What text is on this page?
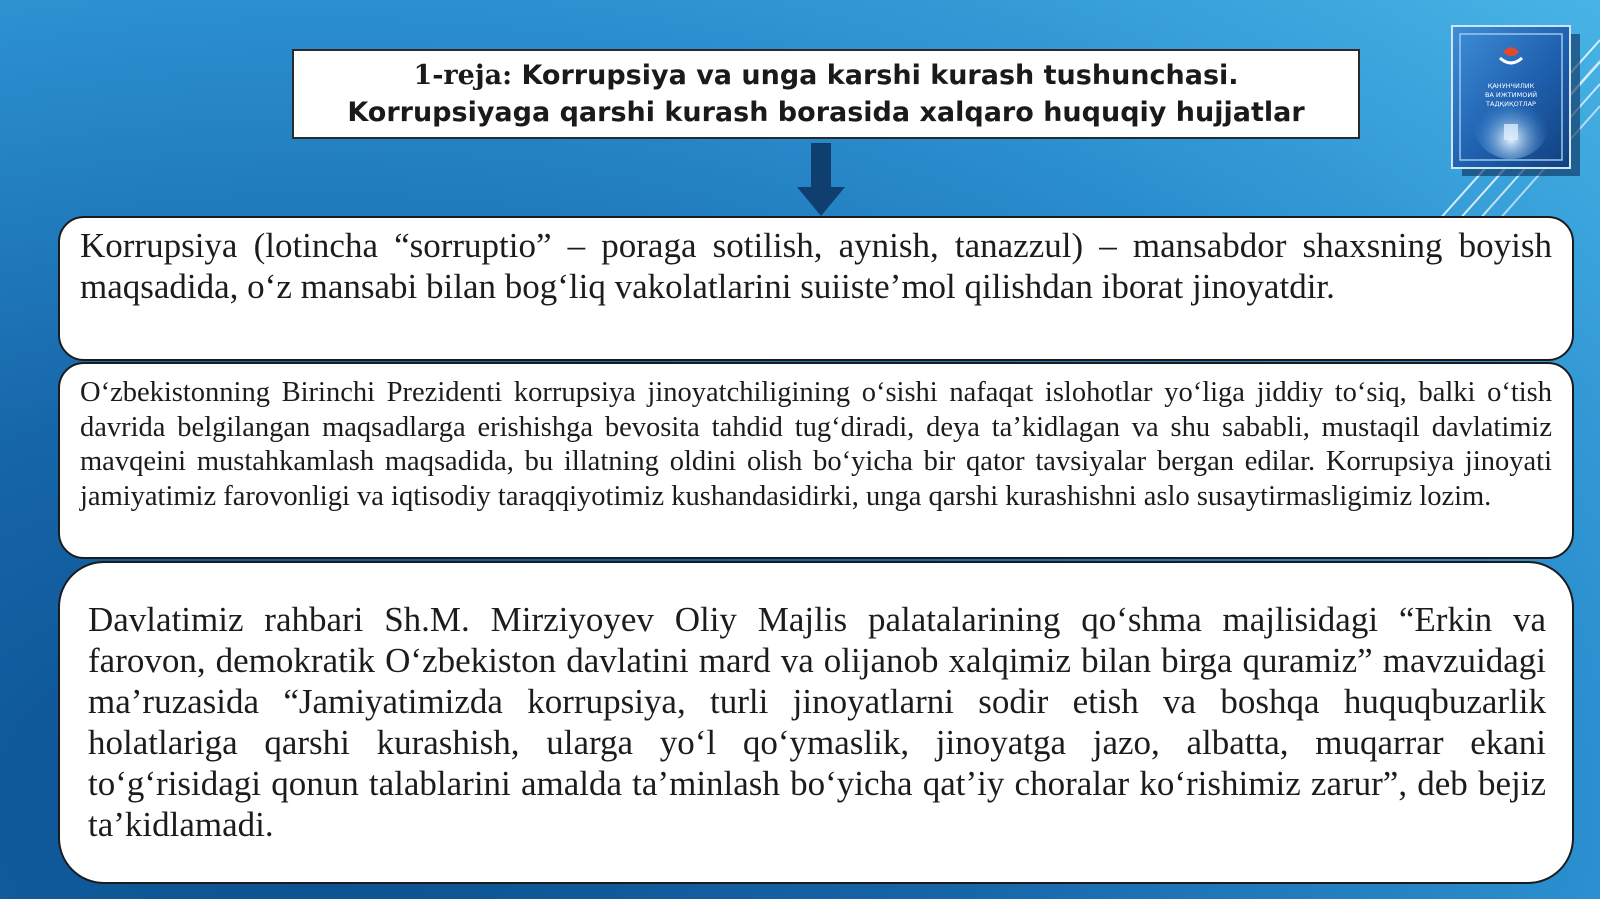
1-reja: Korrupsiya va unga karshi kurash tushunchasi. Korrupsiyaga qarshi kurash borasida xalqaro huquqiy hujjatlar
ҚАНУНЧИЛИК
ВА ИЖТИМОИЙ
ТАДҚИҚОТЛАР
Korrupsiya (lotincha “sorruptio” – poraga sotilish, aynish, tanazzul) – mansabdor shaxsning boyish maqsadida, o‘z mansabi bilan bog‘liq vakolatlarini suiiste’mol qilishdan iborat jinoyatdir.
O‘zbekistonning Birinchi Prezidenti korrupsiya jinoyatchiligining o‘sishi nafaqat islohotlar yo‘liga jiddiy to‘siq, balki o‘tish davrida belgilangan maqsadlarga erishishga bevosita tahdid tug‘diradi, deya ta’kidlagan va shu sababli, mustaqil davlatimiz mavqeini mustahkamlash maqsadida, bu illatning oldini olish bo‘yicha bir qator tavsiyalar bergan edilar. Korrupsiya jinoyati jamiyatimiz farovonligi va iqtisodiy taraqqiyotimiz kushandasidirki, unga qarshi kurashishni aslo susaytirmasligimiz lozim.
Davlatimiz rahbari Sh.M. Mirziyoyev Oliy Majlis palatalarining qo‘shma majlisidagi “Erkin va farovon, demokratik O‘zbekiston davlatini mard va olijanob xalqimiz bilan birga quramiz” mavzuidagi ma’ruzasida “Jamiyatimizda korrupsiya, turli jinoyatlarni sodir etish va boshqa huquqbuzarlik holatlariga qarshi kurashish, ularga yo‘l qo‘ymaslik, jinoyatga jazo, albatta, muqarrar ekani to‘g‘risidagi qonun talablarini amalda ta’minlash bo‘yicha qat’iy choralar ko‘rishimiz zarur”, deb bejiz ta’kidlamadi.
